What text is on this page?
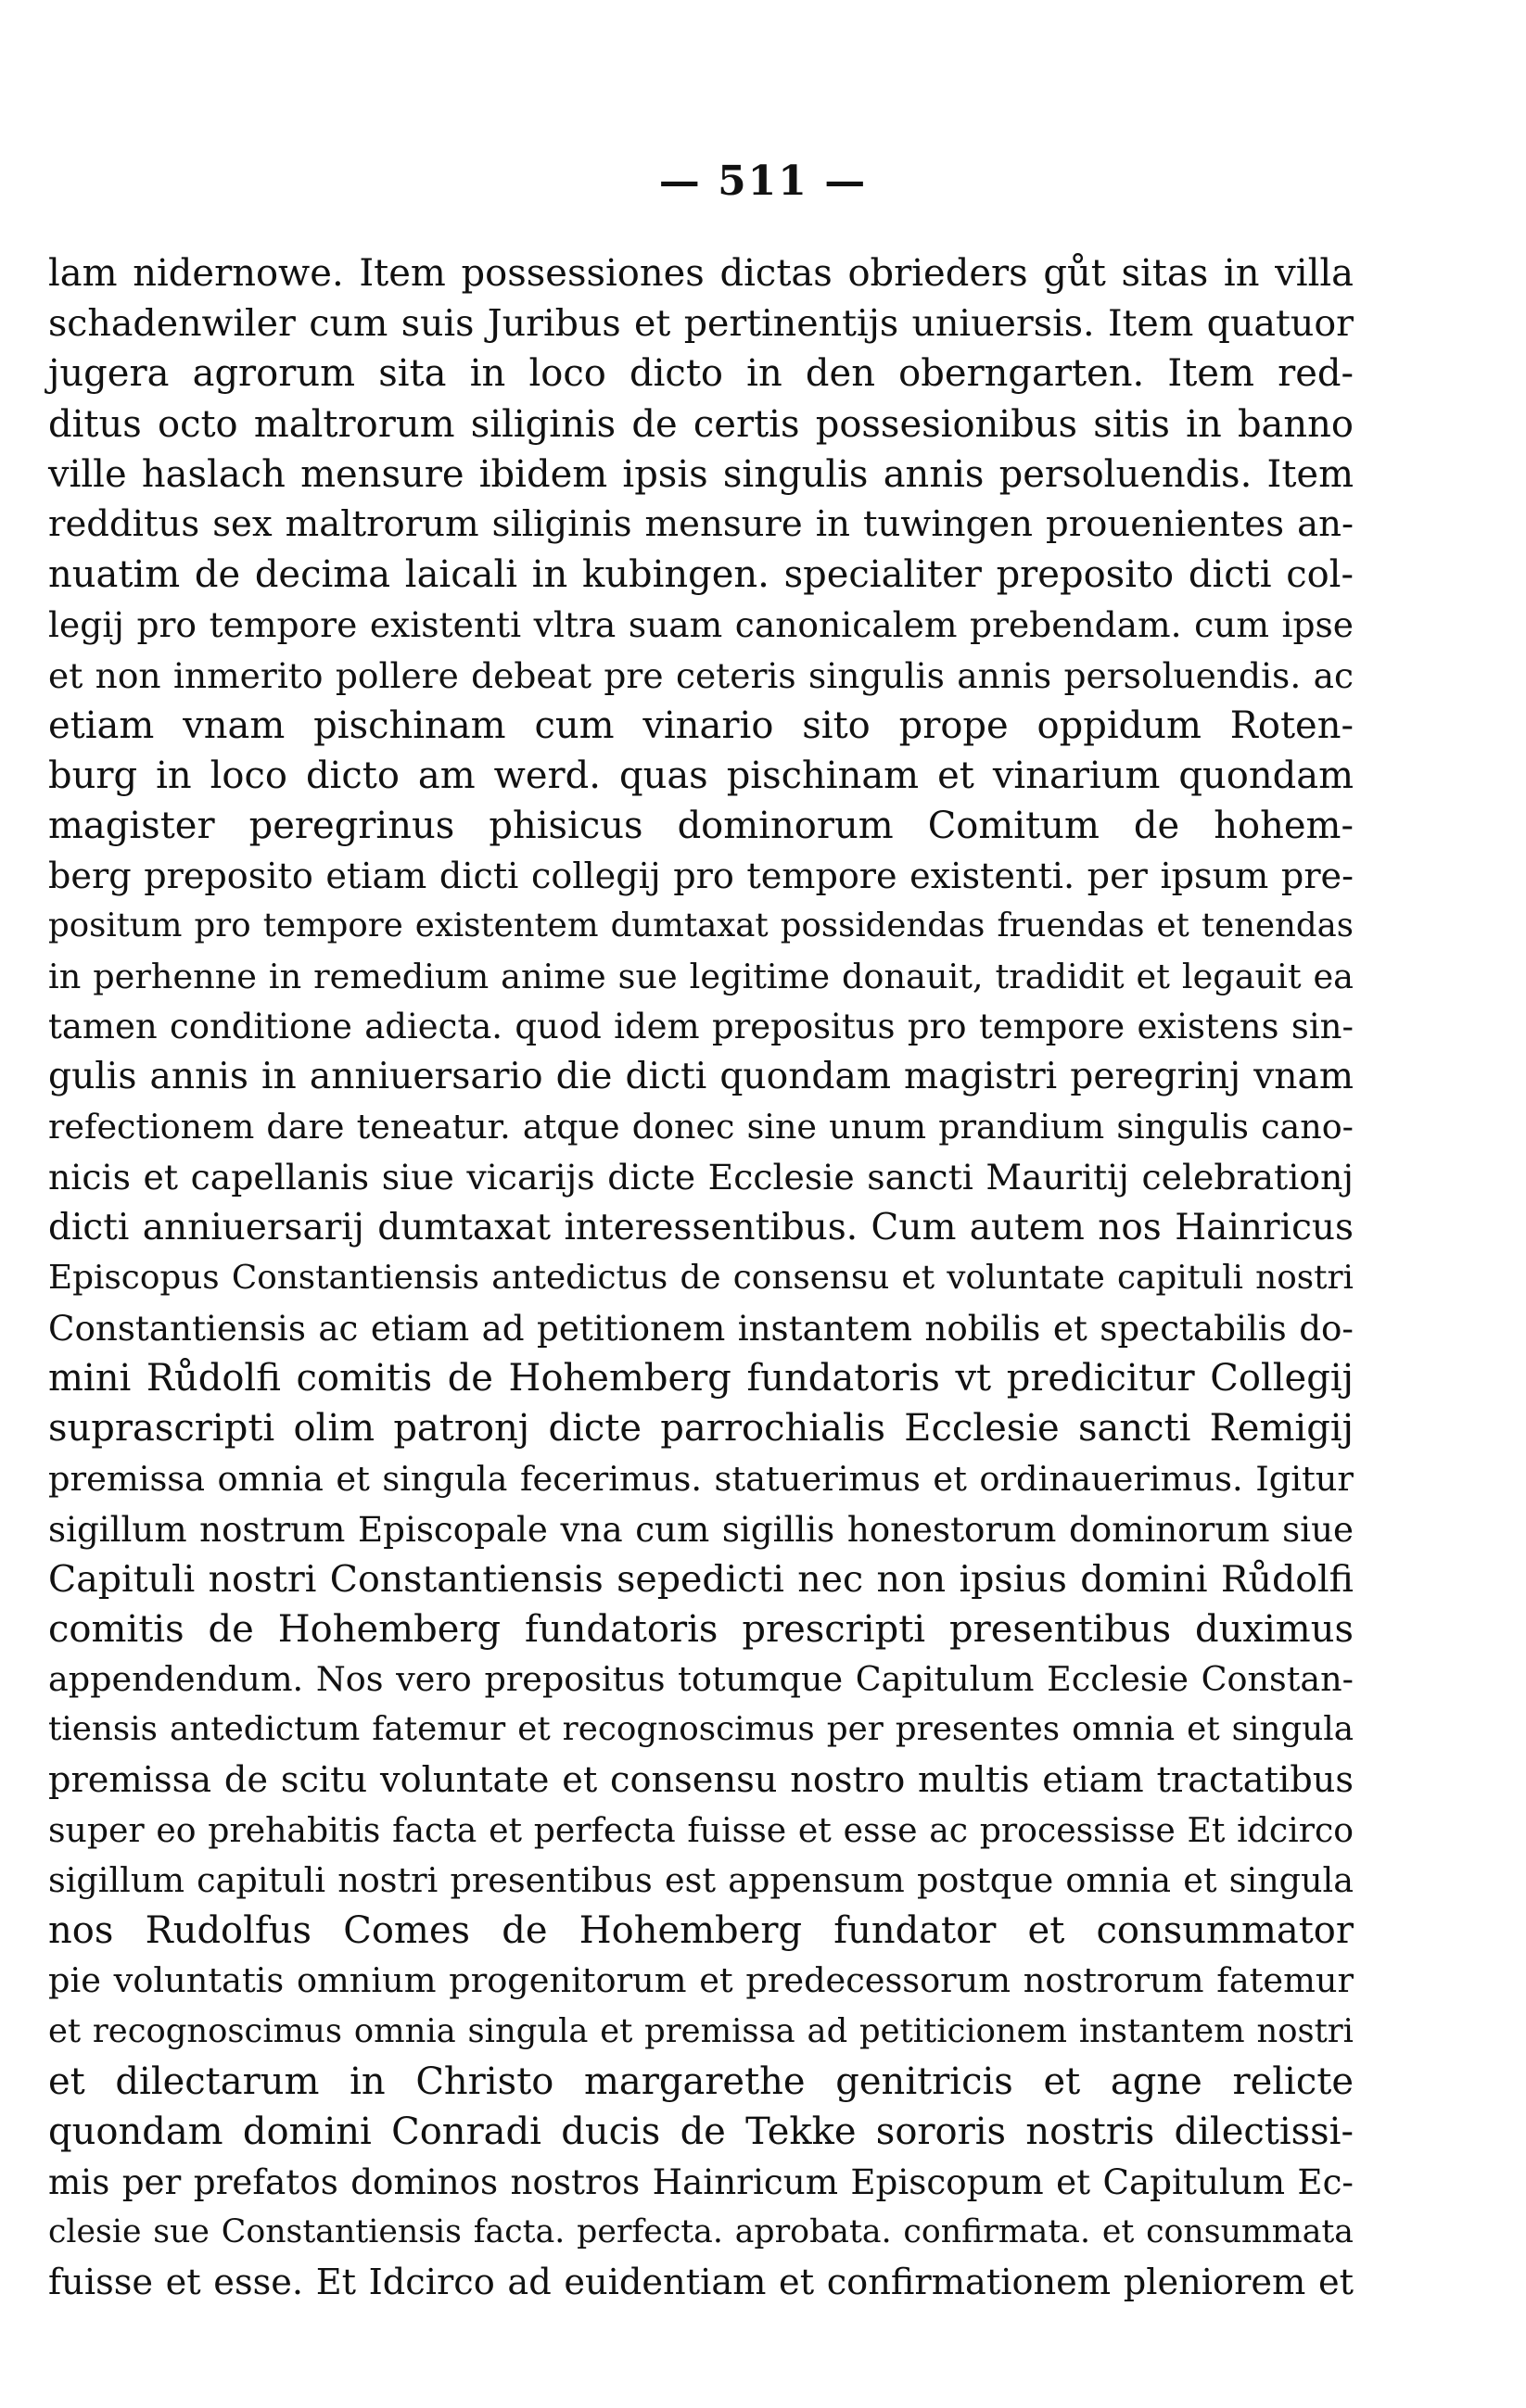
— 511 —
lam nidernowe. Item possessiones dictas obrieders gůt sitas in villa
schadenwiler cum suis Juribus et pertinentijs uniuersis. Item quatuor
jugera agrorum sita in loco dicto in den oberngarten. Item red-
ditus octo maltrorum siliginis de certis possesionibus sitis in banno
ville haslach mensure ibidem ipsis singulis annis persoluendis. Item
redditus sex maltrorum siliginis mensure in tuwingen prouenientes an-
nuatim de decima laicali in kubingen. specialiter preposito dicti col-
legij pro tempore existenti vltra suam canonicalem prebendam. cum ipse
et non inmerito pollere debeat pre ceteris singulis annis persoluendis. ac
etiam vnam pischinam cum vinario sito prope oppidum Roten-
burg in loco dicto am werd. quas pischinam et vinarium quondam
magister peregrinus phisicus dominorum Comitum de hohem-
berg preposito etiam dicti collegij pro tempore existenti. per ipsum pre-
positum pro tempore existentem dumtaxat possidendas fruendas et tenendas
in perhenne in remedium anime sue legitime donauit, tradidit et legauit ea
tamen conditione adiecta. quod idem prepositus pro tempore existens sin-
gulis annis in anniuersario die dicti quondam magistri peregrinj vnam
refectionem dare teneatur. atque donec sine unum prandium singulis cano-
nicis et capellanis siue vicarijs dicte Ecclesie sancti Mauritij celebrationj
dicti anniuersarij dumtaxat interessentibus. Cum autem nos Hainricus
Episcopus Constantiensis antedictus de consensu et voluntate capituli nostri
Constantiensis ac etiam ad petitionem instantem nobilis et spectabilis do-
mini Růdolfi comitis de Hohemberg fundatoris vt predicitur Collegij
suprascripti olim patronj dicte parrochialis Ecclesie sancti Remigij
premissa omnia et singula fecerimus. statuerimus et ordinauerimus. Igitur
sigillum nostrum Episcopale vna cum sigillis honestorum dominorum siue
Capituli nostri Constantiensis sepedicti nec non ipsius domini Růdolfi
comitis de Hohemberg fundatoris prescripti presentibus duximus
appendendum. Nos vero prepositus totumque Capitulum Ecclesie Constan-
tiensis antedictum fatemur et recognoscimus per presentes omnia et singula
premissa de scitu voluntate et consensu nostro multis etiam tractatibus
super eo prehabitis facta et perfecta fuisse et esse ac processisse Et idcirco
sigillum capituli nostri presentibus est appensum postque omnia et singula
nos Rudolfus Comes de Hohemberg fundator et consummator
pie voluntatis omnium progenitorum et predecessorum nostrorum fatemur
et recognoscimus omnia singula et premissa ad petiticionem instantem nostri
et dilectarum in Christo margarethe genitricis et agne relicte
quondam domini Conradi ducis de Tekke sororis nostris dilectissi-
mis per prefatos dominos nostros Hainricum Episcopum et Capitulum Ec-
clesie sue Constantiensis facta. perfecta. aprobata. confirmata. et consummata
fuisse et esse. Et Idcirco ad euidentiam et confirmationem pleniorem et
